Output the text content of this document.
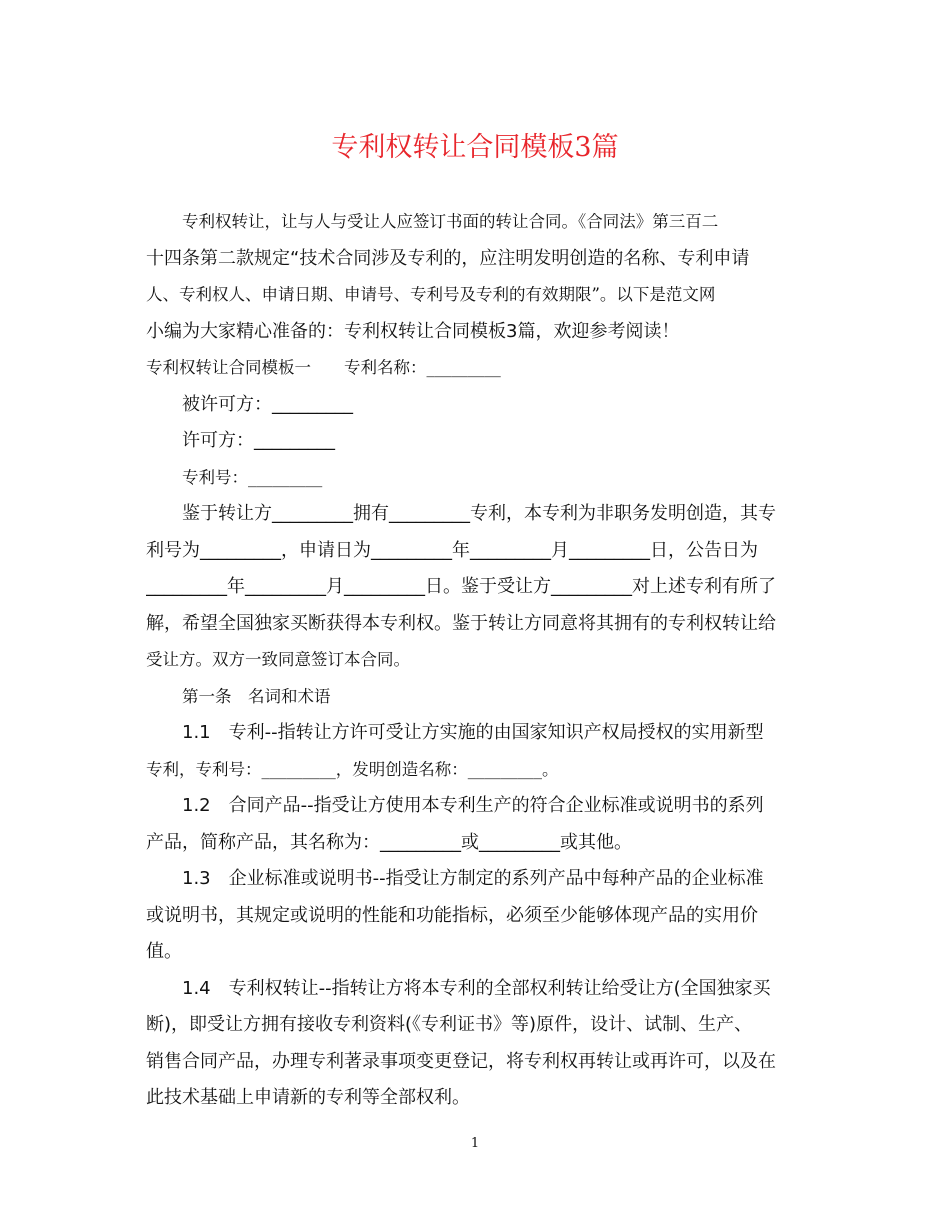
专利权转让合同模板3篇
专利权转让，让与人与受让人应签订书面的转让合同。《合同法》第三百二
十四条第二款规定“技术合同涉及专利的，应注明发明创造的名称、专利申请
人、专利权人、申请日期、申请号、专利号及专利的有效期限”。以下是范文网
小编为大家精心准备的：专利权转让合同模板3篇，欢迎参考阅读！
专利权转让合同模板一　　专利名称：_________
被许可方：_________
许可方：_________
专利号：_________
鉴于转让方_________拥有_________专利，本专利为非职务发明创造，其专
利号为_________，申请日为_________年_________月_________日，公告日为
_________年_________月_________日。鉴于受让方_________对上述专利有所了
解，希望全国独家买断获得本专利权。鉴于转让方同意将其拥有的专利权转让给
受让方。双方一致同意签订本合同。
第一条　名词和术语
1.1　专利--指转让方许可受让方实施的由国家知识产权局授权的实用新型
专利，专利号：_________，发明创造名称：_________。
1.2　合同产品--指受让方使用本专利生产的符合企业标准或说明书的系列
产品，简称产品，其名称为：_________或_________或其他。
1.3　企业标准或说明书--指受让方制定的系列产品中每种产品的企业标准
或说明书，其规定或说明的性能和功能指标，必须至少能够体现产品的实用价
值。
1.4　专利权转让--指转让方将本专利的全部权利转让给受让方(全国独家买
断)，即受让方拥有接收专利资料(《专利证书》等)原件，设计、试制、生产、
销售合同产品，办理专利著录事项变更登记，将专利权再转让或再许可，以及在
此技术基础上申请新的专利等全部权利。
1
